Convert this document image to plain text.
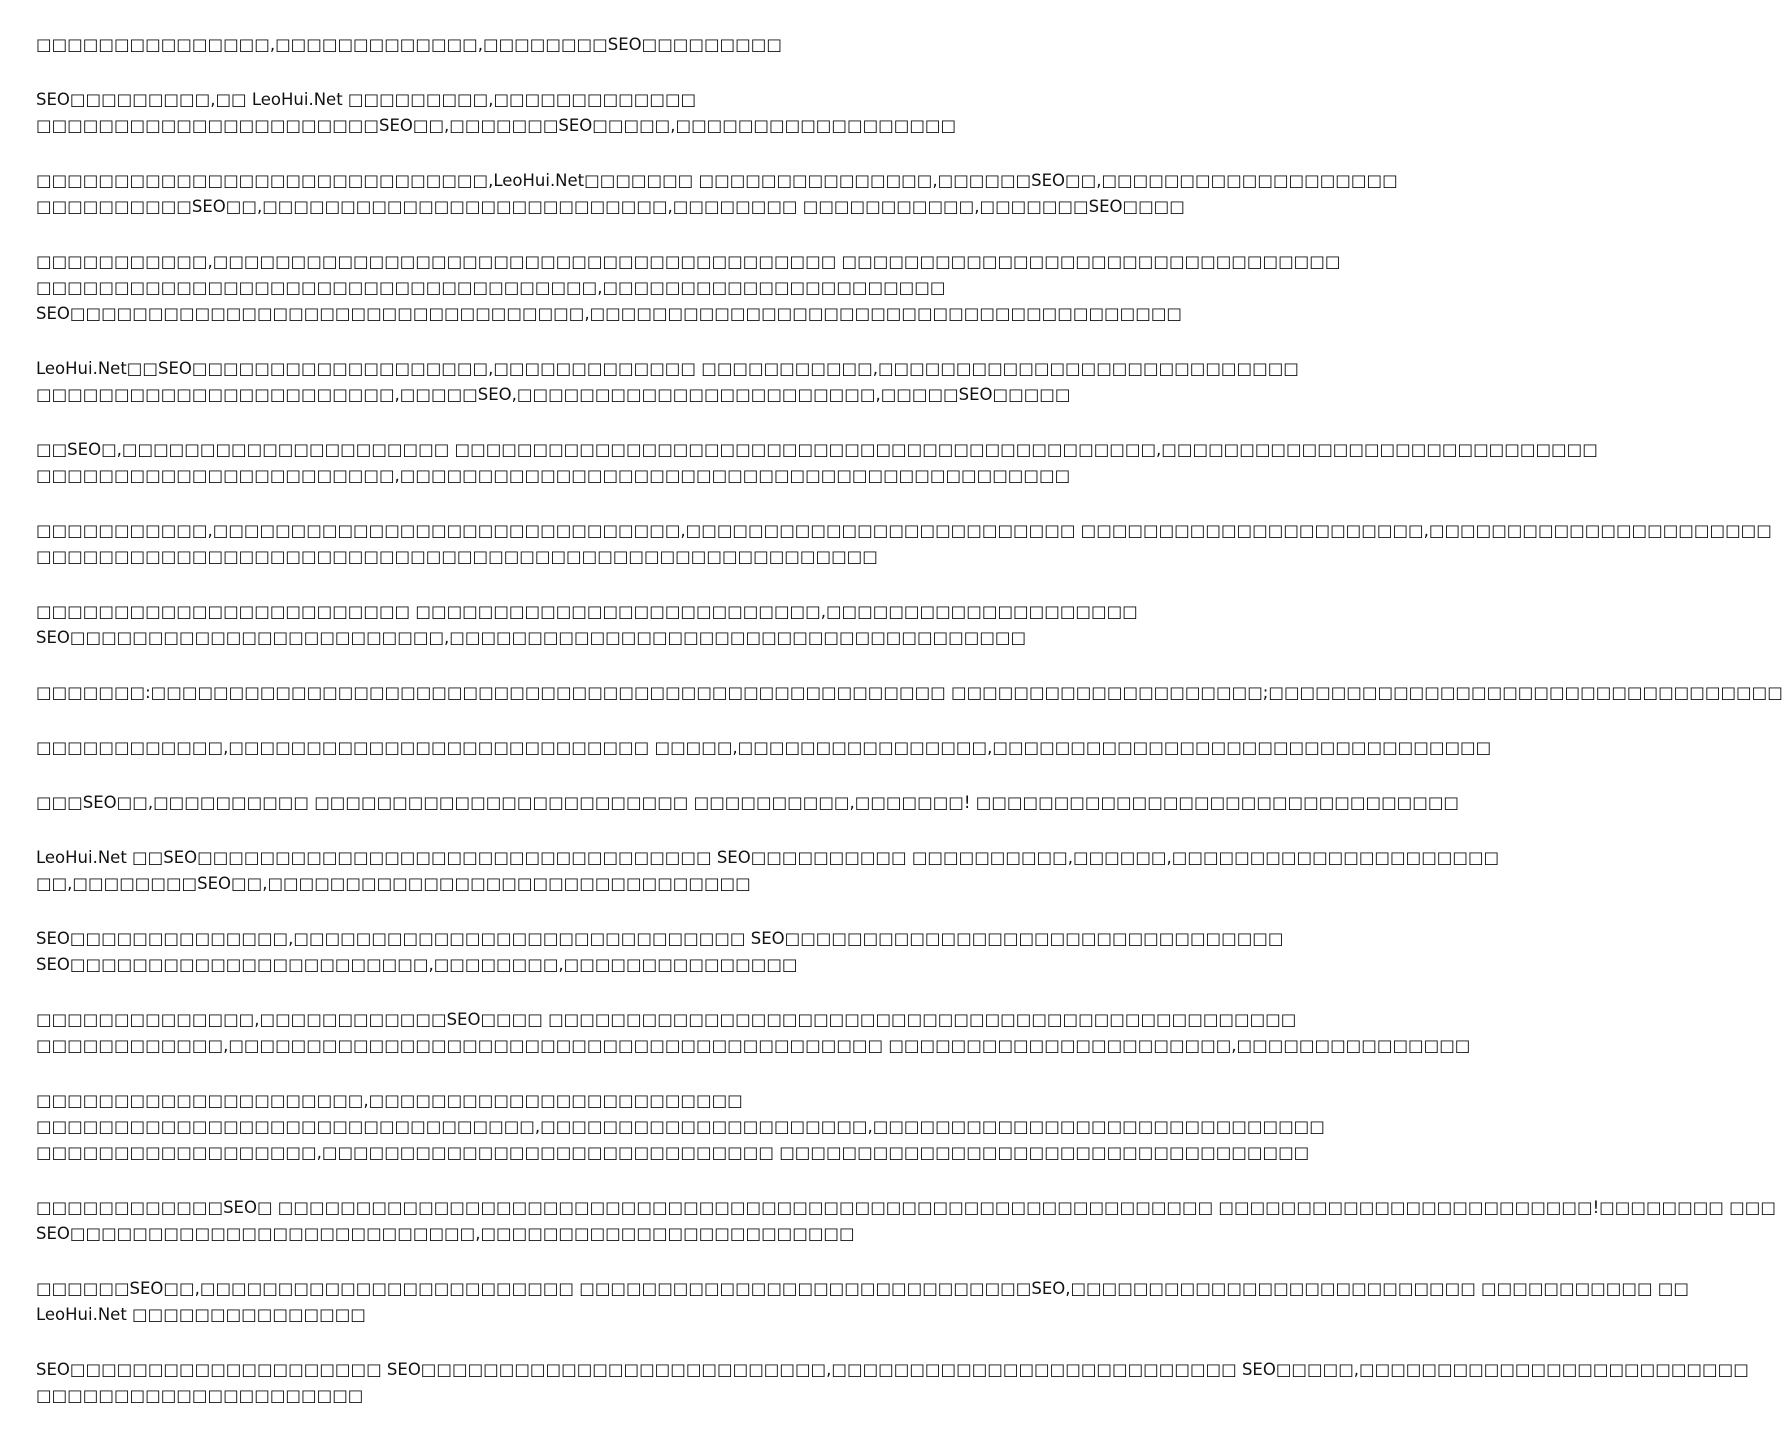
□□□□□□□□□□□□□□□,□□□□□□□□□□□□□,□□□□□□□□SEO□□□□□□□□□

SEO□□□□□□□□□,□□ LeoHui.Net □□□□□□□□□,□□□□□□□□□□□□□
□□□□□□□□□□□□□□□□□□□□□□SEO□□,□□□□□□□SEO□□□□□,□□□□□□□□□□□□□□□□□□

□□□□□□□□□□□□□□□□□□□□□□□□□□□□□,LeoHui.Net□□□□□□□ □□□□□□□□□□□□□□□,□□□□□□SEO□□,□□□□□□□□□□□□□□□□□□□
□□□□□□□□□□SEO□□,□□□□□□□□□□□□□□□□□□□□□□□□□□,□□□□□□□□ □□□□□□□□□□□,□□□□□□□SEO□□□□

□□□□□□□□□□□,□□□□□□□□□□□□□□□□□□□□□□□□□□□□□□□□□□□□□□□□ □□□□□□□□□□□□□□□□□□□□□□□□□□□□□□□□
□□□□□□□□□□□□□□□□□□□□□□□□□□□□□□□□□□□□,□□□□□□□□□□□□□□□□□□□□□□
SEO□□□□□□□□□□□□□□□□□□□□□□□□□□□□□□□□□,□□□□□□□□□□□□□□□□□□□□□□□□□□□□□□□□□□□□□□

LeoHui.Net□□SEO□□□□□□□□□□□□□□□□□□□,□□□□□□□□□□□□□ □□□□□□□□□□□,□□□□□□□□□□□□□□□□□□□□□□□□□□□
□□□□□□□□□□□□□□□□□□□□□□□,□□□□□SEO,□□□□□□□□□□□□□□□□□□□□□□□,□□□□□SEO□□□□□

□□SEO□,□□□□□□□□□□□□□□□□□□□□□ □□□□□□□□□□□□□□□□□□□□□□□□□□□□□□□□□□□□□□□□□□□□□,□□□□□□□□□□□□□□□□□□□□□□□□□□□□
□□□□□□□□□□□□□□□□□□□□□□□,□□□□□□□□□□□□□□□□□□□□□□□□□□□□□□□□□□□□□□□□□□□

□□□□□□□□□□□,□□□□□□□□□□□□□□□□□□□□□□□□□□□□□□,□□□□□□□□□□□□□□□□□□□□□□□□□ □□□□□□□□□□□□□□□□□□□□□□,□□□□□□□□□□□□□□□□□□□□□□
□□□□□□□□□□□□□□□□□□□□□□□□□□□□□□□□□□□□□□□□□□□□□□□□□□□□□□

□□□□□□□□□□□□□□□□□□□□□□□□ □□□□□□□□□□□□□□□□□□□□□□□□□□,□□□□□□□□□□□□□□□□□□□□
SEO□□□□□□□□□□□□□□□□□□□□□□□□,□□□□□□□□□□□□□□□□□□□□□□□□□□□□□□□□□□□□□

□□□□□□□:□□□□□□□□□□□□□□□□□□□□□□□□□□□□□□□□□□□□□□□□□□□□□□□□□□□ □□□□□□□□□□□□□□□□□□□□;□□□□□□□□□□□□□□□□□□□□□□□□□□□□□□□□□

□□□□□□□□□□□□,□□□□□□□□□□□□□□□□□□□□□□□□□□□ □□□□□,□□□□□□□□□□□□□□□□,□□□□□□□□□□□□□□□□□□□□□□□□□□□□□□□□

□□□SEO□□,□□□□□□□□□□ □□□□□□□□□□□□□□□□□□□□□□□□ □□□□□□□□□□,□□□□□□□! □□□□□□□□□□□□□□□□□□□□□□□□□□□□□□□

LeoHui.Net □□SEO□□□□□□□□□□□□□□□□□□□□□□□□□□□□□□□□□ SEO□□□□□□□□□□ □□□□□□□□□□,□□□□□□,□□□□□□□□□□□□□□□□□□□□□
□□,□□□□□□□□SEO□□,□□□□□□□□□□□□□□□□□□□□□□□□□□□□□□□

SEO□□□□□□□□□□□□□□,□□□□□□□□□□□□□□□□□□□□□□□□□□□□□ SEO□□□□□□□□□□□□□□□□□□□□□□□□□□□□□□□□
SEO□□□□□□□□□□□□□□□□□□□□□□□,□□□□□□□□,□□□□□□□□□□□□□□□

□□□□□□□□□□□□□□,□□□□□□□□□□□□SEO□□□□ □□□□□□□□□□□□□□□□□□□□□□□□□□□□□□□□□□□□□□□□□□□□□□□□
□□□□□□□□□□□□,□□□□□□□□□□□□□□□□□□□□□□□□□□□□□□□□□□□□□□□□□□ □□□□□□□□□□□□□□□□□□□□□□,□□□□□□□□□□□□□□□

□□□□□□□□□□□□□□□□□□□□□,□□□□□□□□□□□□□□□□□□□□□□□□
□□□□□□□□□□□□□□□□□□□□□□□□□□□□□□□□,□□□□□□□□□□□□□□□□□□□□□,□□□□□□□□□□□□□□□□□□□□□□□□□□□□□
□□□□□□□□□□□□□□□□□□,□□□□□□□□□□□□□□□□□□□□□□□□□□□□□ □□□□□□□□□□□□□□□□□□□□□□□□□□□□□□□□□□

□□□□□□□□□□□□SEO□ □□□□□□□□□□□□□□□□□□□□□□□□□□□□□□□□□□□□□□□□□□□□□□□□□□□□□□□□□□□□ □□□□□□□□□□□□□□□□□□□□□□□□!□□□□□□□□ □□□
SEO□□□□□□□□□□□□□□□□□□□□□□□□□□,□□□□□□□□□□□□□□□□□□□□□□□□

□□□□□□SEO□□,□□□□□□□□□□□□□□□□□□□□□□□□ □□□□□□□□□□□□□□□□□□□□□□□□□□□□□SEO,□□□□□□□□□□□□□□□□□□□□□□□□□□ □□□□□□□□□□□ □□
LeoHui.Net □□□□□□□□□□□□□□□

SEO□□□□□□□□□□□□□□□□□□□□ SEO□□□□□□□□□□□□□□□□□□□□□□□□□□,□□□□□□□□□□□□□□□□□□□□□□□□□□ SEO□□□□□,□□□□□□□□□□□□□□□□□□□□□□□□□
□□□□□□□□□□□□□□□□□□□□□
